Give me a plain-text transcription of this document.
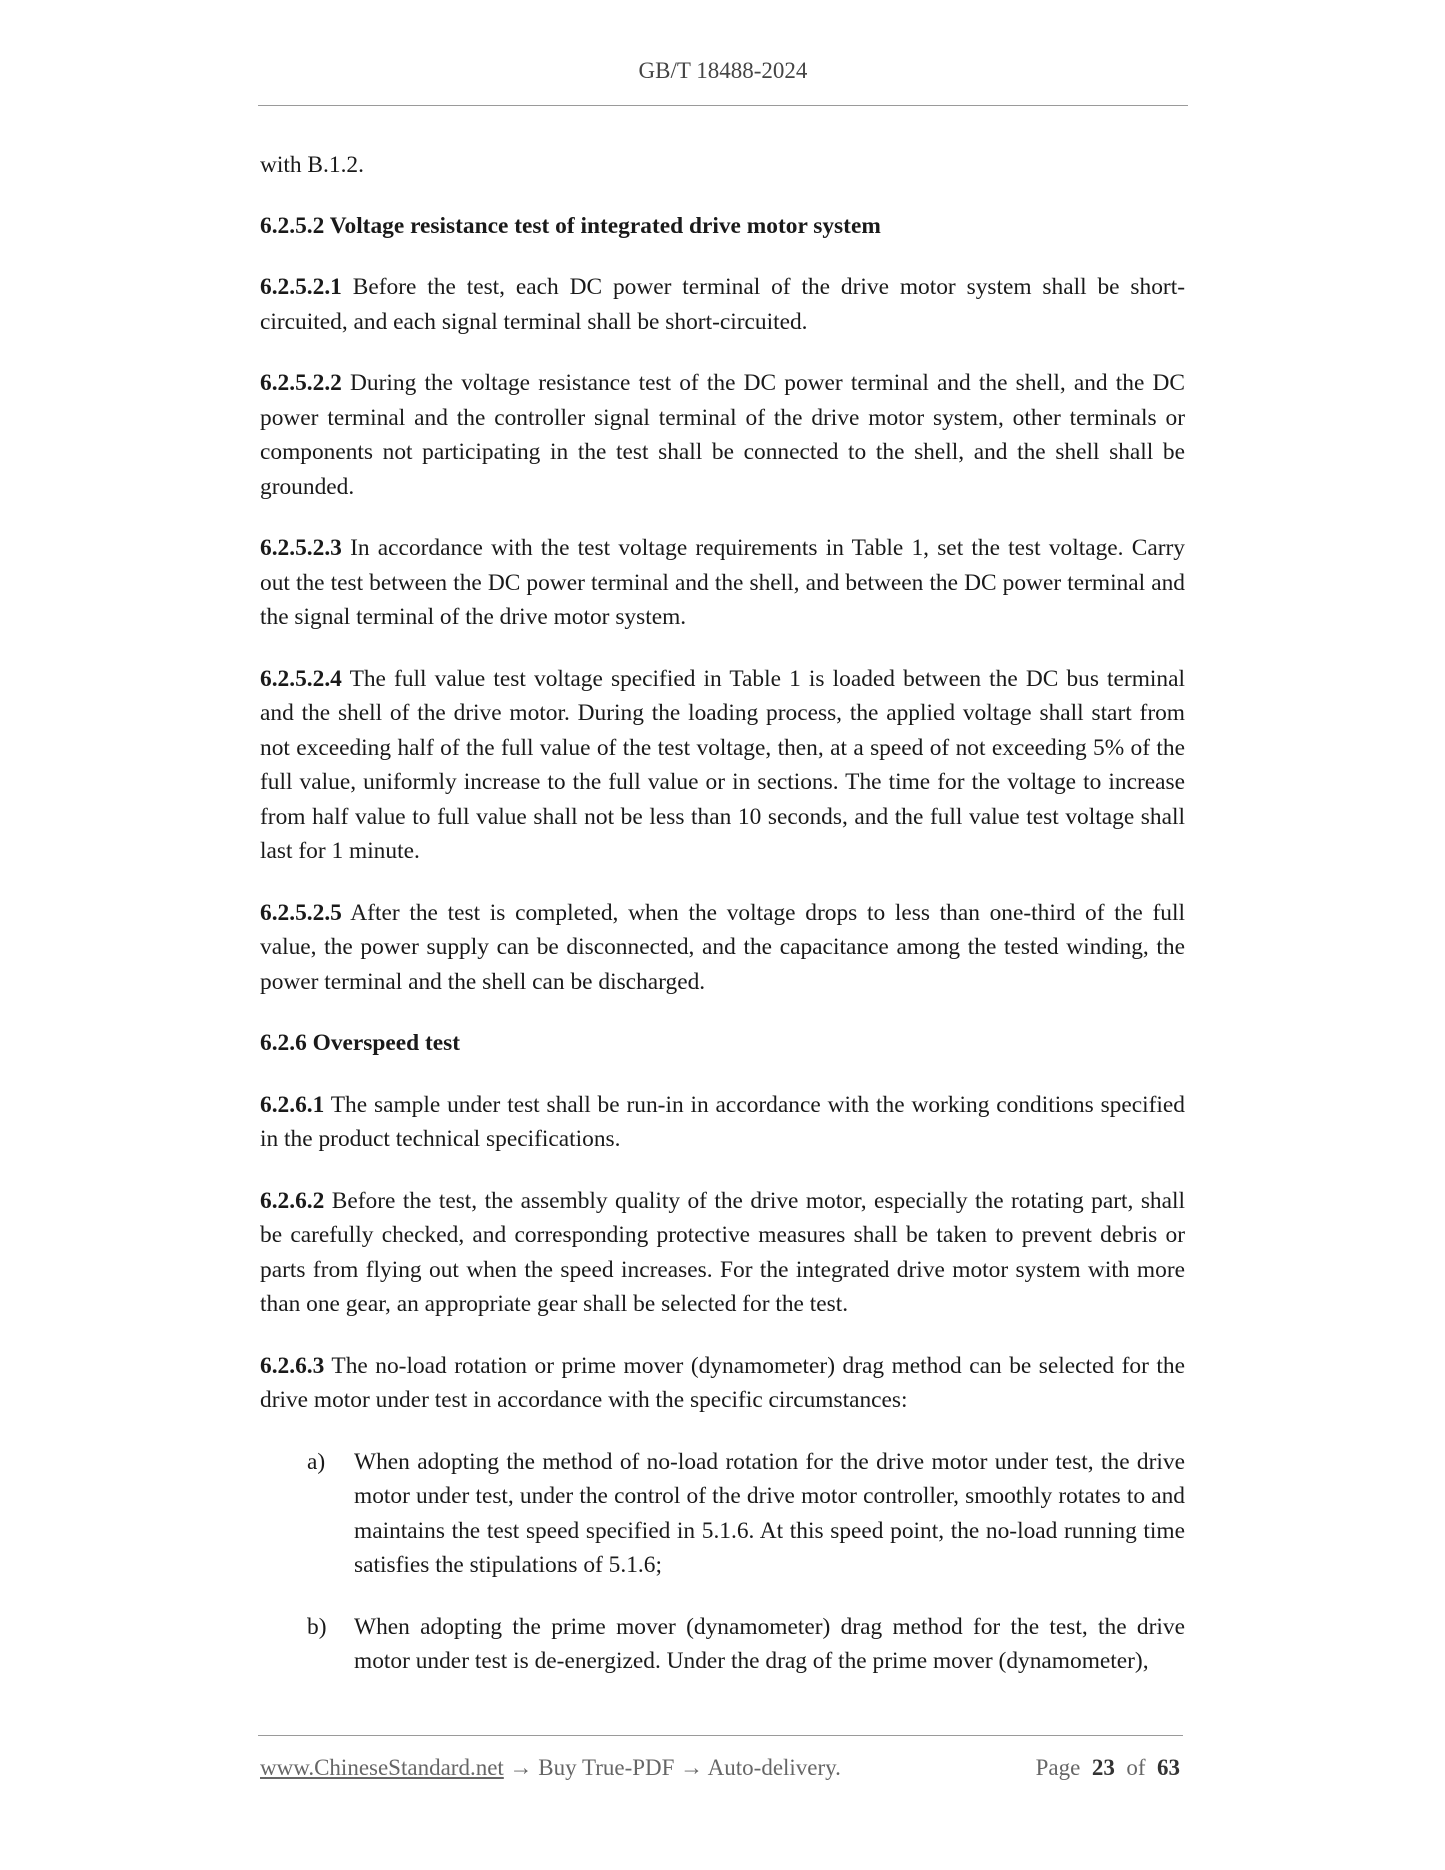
GB/T 18488-2024

with B.1.2.

6.2.5.2 Voltage resistance test of integrated drive motor system

6.2.5.2.1 Before the test, each DC power terminal of the drive motor system shall be short-circuited, and each signal terminal shall be short-circuited.

6.2.5.2.2 During the voltage resistance test of the DC power terminal and the shell, and the DC power terminal and the controller signal terminal of the drive motor system, other terminals or components not participating in the test shall be connected to the shell, and the shell shall be grounded.

6.2.5.2.3 In accordance with the test voltage requirements in Table 1, set the test voltage. Carry out the test between the DC power terminal and the shell, and between the DC power terminal and the signal terminal of the drive motor system.

6.2.5.2.4 The full value test voltage specified in Table 1 is loaded between the DC bus terminal and the shell of the drive motor. During the loading process, the applied voltage shall start from not exceeding half of the full value of the test voltage, then, at a speed of not exceeding 5% of the full value, uniformly increase to the full value or in sections. The time for the voltage to increase from half value to full value shall not be less than 10 seconds, and the full value test voltage shall last for 1 minute.

6.2.5.2.5 After the test is completed, when the voltage drops to less than one-third of the full value, the power supply can be disconnected, and the capacitance among the tested winding, the power terminal and the shell can be discharged.

6.2.6 Overspeed test

6.2.6.1 The sample under test shall be run-in in accordance with the working conditions specified in the product technical specifications.

6.2.6.2 Before the test, the assembly quality of the drive motor, especially the rotating part, shall be carefully checked, and corresponding protective measures shall be taken to prevent debris or parts from flying out when the speed increases. For the integrated drive motor system with more than one gear, an appropriate gear shall be selected for the test.

6.2.6.3 The no-load rotation or prime mover (dynamometer) drag method can be selected for the drive motor under test in accordance with the specific circumstances:

a) When adopting the method of no-load rotation for the drive motor under test, the drive motor under test, under the control of the drive motor controller, smoothly rotates to and maintains the test speed specified in 5.1.6. At this speed point, the no-load running time satisfies the stipulations of 5.1.6;
b) When adopting the prime mover (dynamometer) drag method for the test, the drive motor under test is de-energized. Under the drag of the prime mover (dynamometer),
www.ChineseStandard.net → Buy True-PDF → Auto-delivery.	Page 23 of 63
